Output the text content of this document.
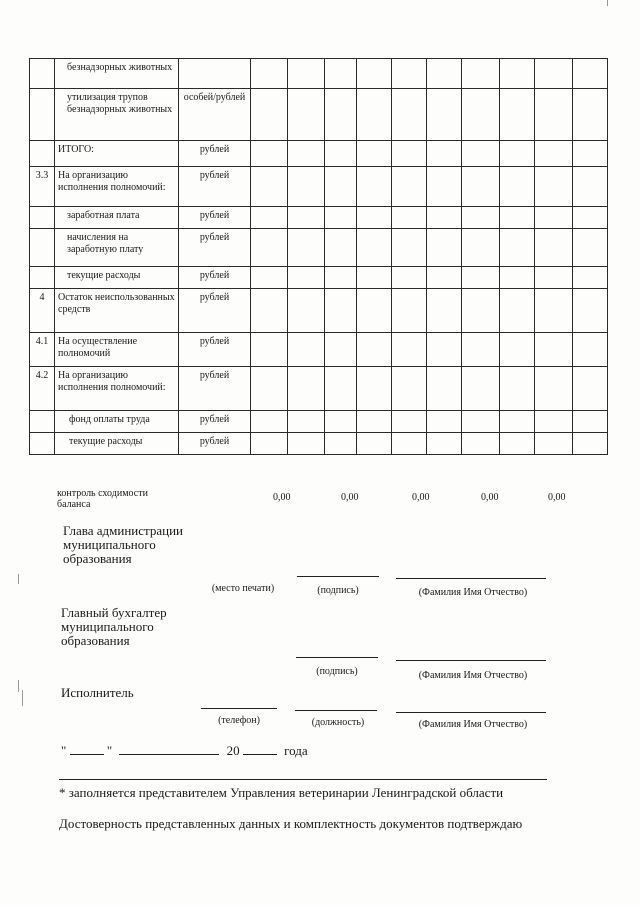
	безнадзорных животных											
	утилизация трупов безнадзорных животных	особей/рублей										
	ИТОГО:	рублей										
3.3	На организацию исполнения полномочий:	рублей										
	заработная плата	рублей										
	начисления на заработную плату	рублей										
	текущие расходы	рублей										
4	Остаток неиспользованных средств	рублей										
4.1	На осуществление полномочий	рублей										
4.2	На организацию исполнения полномочий:	рублей										
	фонд оплаты труда	рублей										
	текущие расходы	рублей										
контроль сходимости баланса
0,00	0,00	0,00	0,00	0,00
Глава администрации муниципального образования
(место печати)	(подпись)	(Фамилия Имя Отчество)
Главный бухгалтер муниципального образования
(подпись)	(Фамилия Имя Отчество)
Исполнитель
(телефон)	(должность)	(Фамилия Имя Отчество)
"	"	20	года
* заполняется представителем Управления ветеринарии Ленинградской области
Достоверность представленных данных и комплектность документов подтверждаю
